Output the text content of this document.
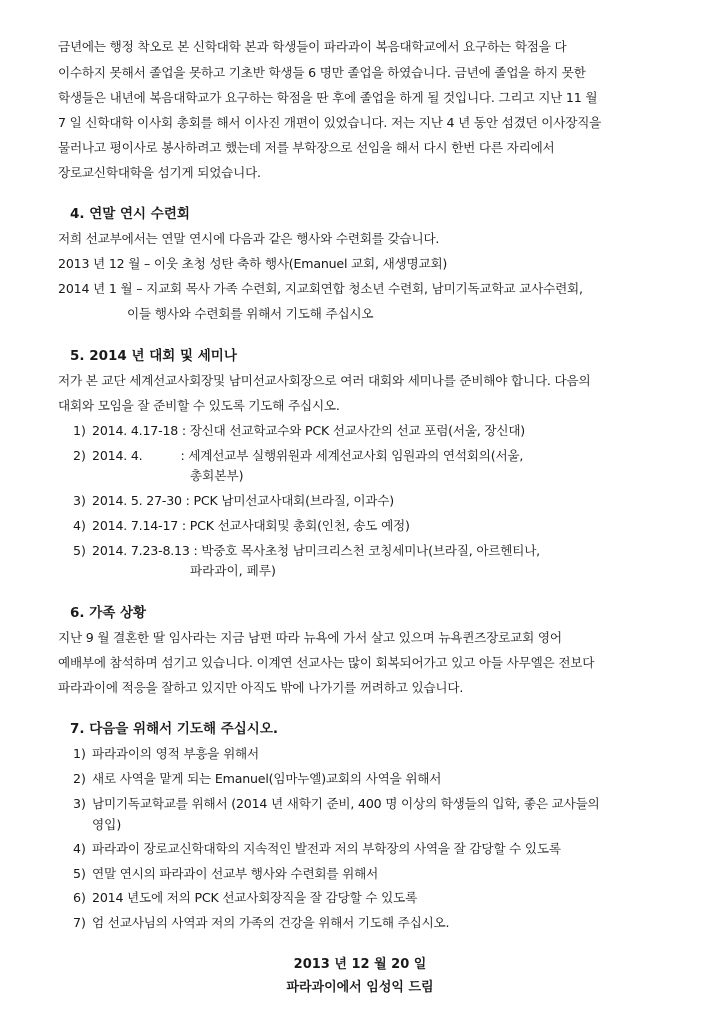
금년에는 행정 착오로 본 신학대학 본과 학생들이 파라과이 복음대학교에서 요구하는 학점을 다
이수하지 못해서 졸업을 못하고 기초반 학생들 6 명만 졸업을 하였습니다. 금년에 졸업을 하지 못한
학생들은 내년에 복음대학교가 요구하는 학점을 딴 후에 졸업을 하게 될 것입니다. 그리고 지난 11 월
7 일 신학대학 이사회 총회를 해서 이사진 개편이 있었습니다. 저는 지난 4 년 동안 섬겼던 이사장직을
물러나고 평이사로 봉사하려고 했는데 저를 부학장으로 선임을 해서 다시 한번 다른 자리에서
장로교신학대학을 섬기게 되었습니다.
4. 연말 연시 수련회
저희 선교부에서는 연말 연시에 다음과 같은 행사와 수련회를 갖습니다.
2013 년 12 월 – 이웃 초청 성탄 축하 행사(Emanuel 교회, 새생명교회)
2014 년 1 월 – 지교회 목사 가족 수련회, 지교회연합 청소년 수련회, 남미기독교학교 교사수련회,
이들 행사와 수련회를 위해서 기도해 주십시오
5. 2014 년 대회 및 세미나
저가 본 교단 세계선교사회장및 남미선교사회장으로 여러 대회와 세미나를 준비해야 합니다. 다음의
대회와 모임을 잘 준비할 수 있도록 기도해 주십시오.
1) 2014. 4.17-18 : 장신대 선교학교수와 PCK 선교사간의 선교 포럼(서울, 장신대)
2) 2014. 4.          : 세계선교부 실행위원과 세계선교사회 임원과의 연석회의(서울,
총회본부)
3) 2014. 5. 27-30 : PCK 남미선교사대회(브라질, 이과수)
4) 2014. 7.14-17 : PCK 선교사대회및 총회(인천, 송도 예정)
5) 2014. 7.23-8.13 : 박중호 목사초청 남미크리스천 코칭세미나(브라질, 아르헨티나,
파라과이, 페루)
6. 가족 상황
지난 9 월 결혼한 딸 임사라는 지금 남편 따라 뉴욕에 가서 살고 있으며 뉴욕퀸즈장로교회 영어
예배부에 참석하며 섬기고 있습니다. 이계연 선교사는 많이 회복되어가고 있고 아들 사무엘은 전보다
파라과이에 적응을 잘하고 있지만 아직도 밖에 나가기를 꺼려하고 있습니다.
7. 다음을 위해서 기도해 주십시오.
1) 파라과이의 영적 부흥을 위해서
2) 새로 사역을 맡게 되는 Emanuel(임마누엘)교회의 사역을 위해서
3) 남미기독교학교를 위해서 (2014 년 새학기 준비, 400 명 이상의 학생들의 입학, 좋은 교사들의
영입)
4) 파라과이 장로교신학대학의 지속적인 발전과 저의 부학장의 사역을 잘 감당할 수 있도록
5) 연말 연시의 파라과이 선교부 행사와 수련회를 위해서
6) 2014 년도에 저의 PCK 선교사회장직을 잘 감당할 수 있도록
7) 엄 선교사님의 사역과 저의 가족의 건강을 위해서 기도해 주십시오.
2013 년 12 월 20 일
파라과이에서 임성익 드림
